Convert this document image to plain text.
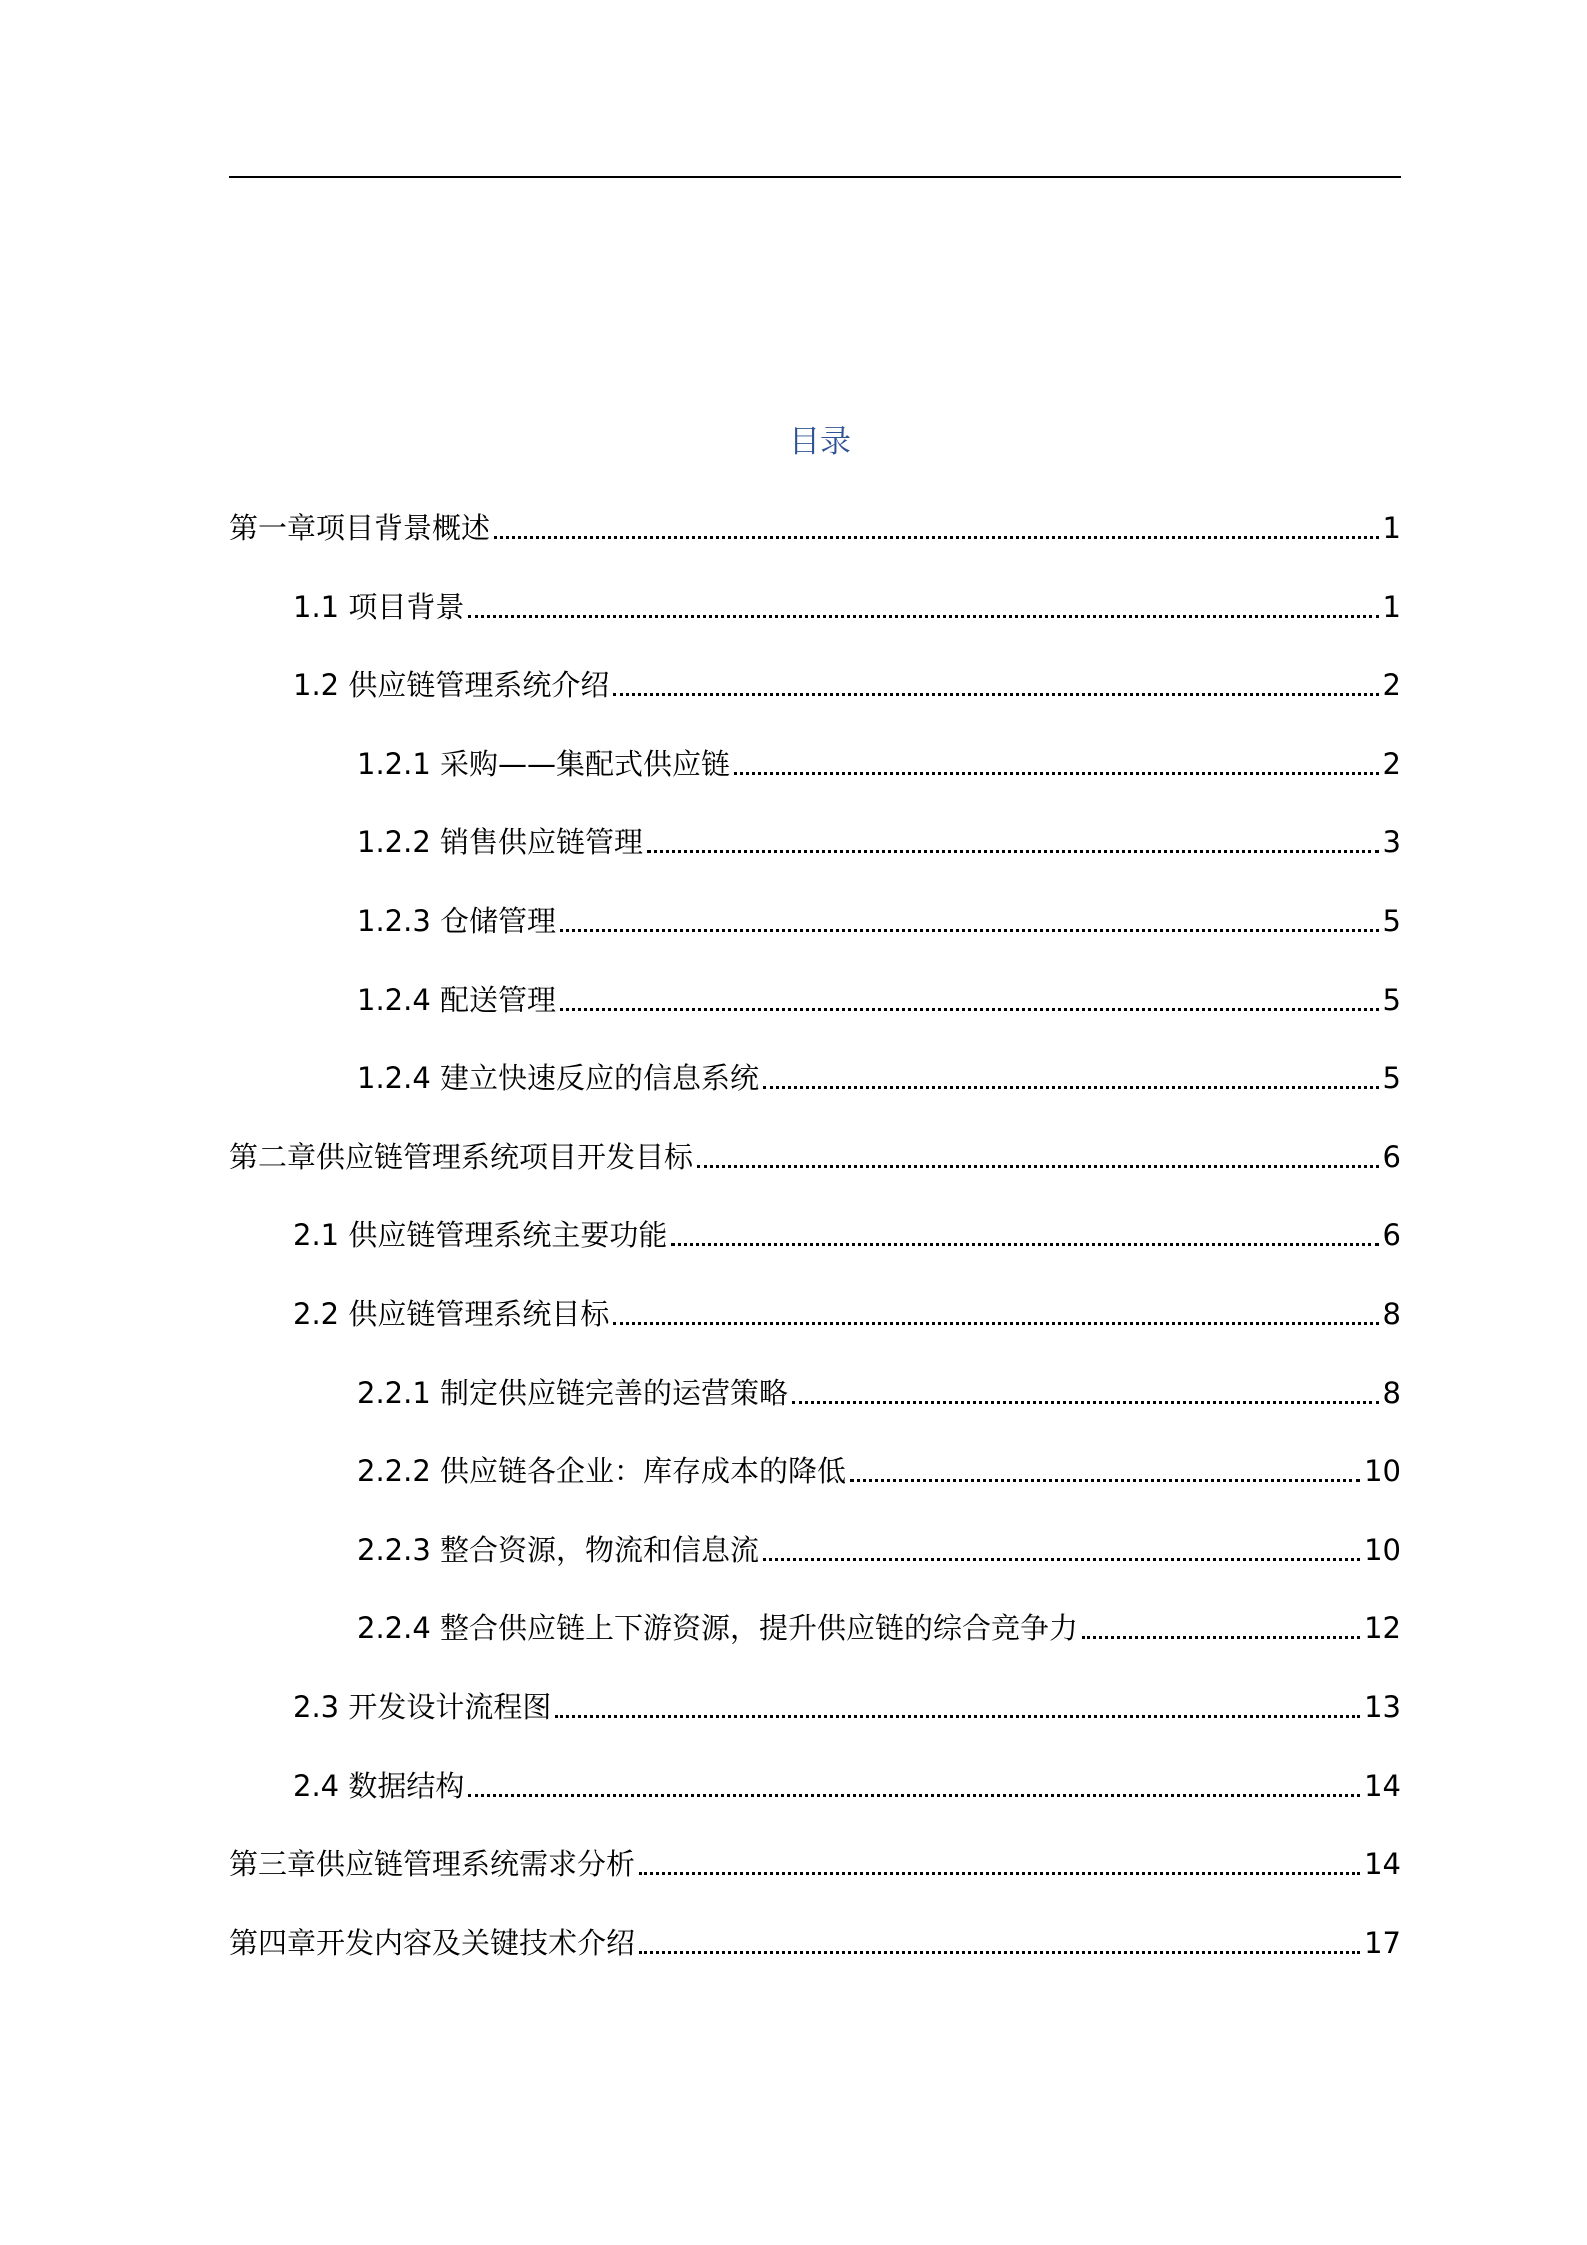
目录
第一章项目背景概述	1
1.1 项目背景	1
1.2 供应链管理系统介绍	2
1.2.1 采购——集配式供应链	2
1.2.2 销售供应链管理	3
1.2.3 仓储管理	5
1.2.4 配送管理	5
1.2.4 建立快速反应的信息系统	5
第二章供应链管理系统项目开发目标	6
2.1 供应链管理系统主要功能	6
2.2 供应链管理系统目标	8
2.2.1 制定供应链完善的运营策略	8
2.2.2 供应链各企业：库存成本的降低	10
2.2.3 整合资源，物流和信息流	10
2.2.4 整合供应链上下游资源，提升供应链的综合竞争力	12
2.3 开发设计流程图	13
2.4 数据结构	14
第三章供应链管理系统需求分析	14
第四章开发内容及关键技术介绍	17
